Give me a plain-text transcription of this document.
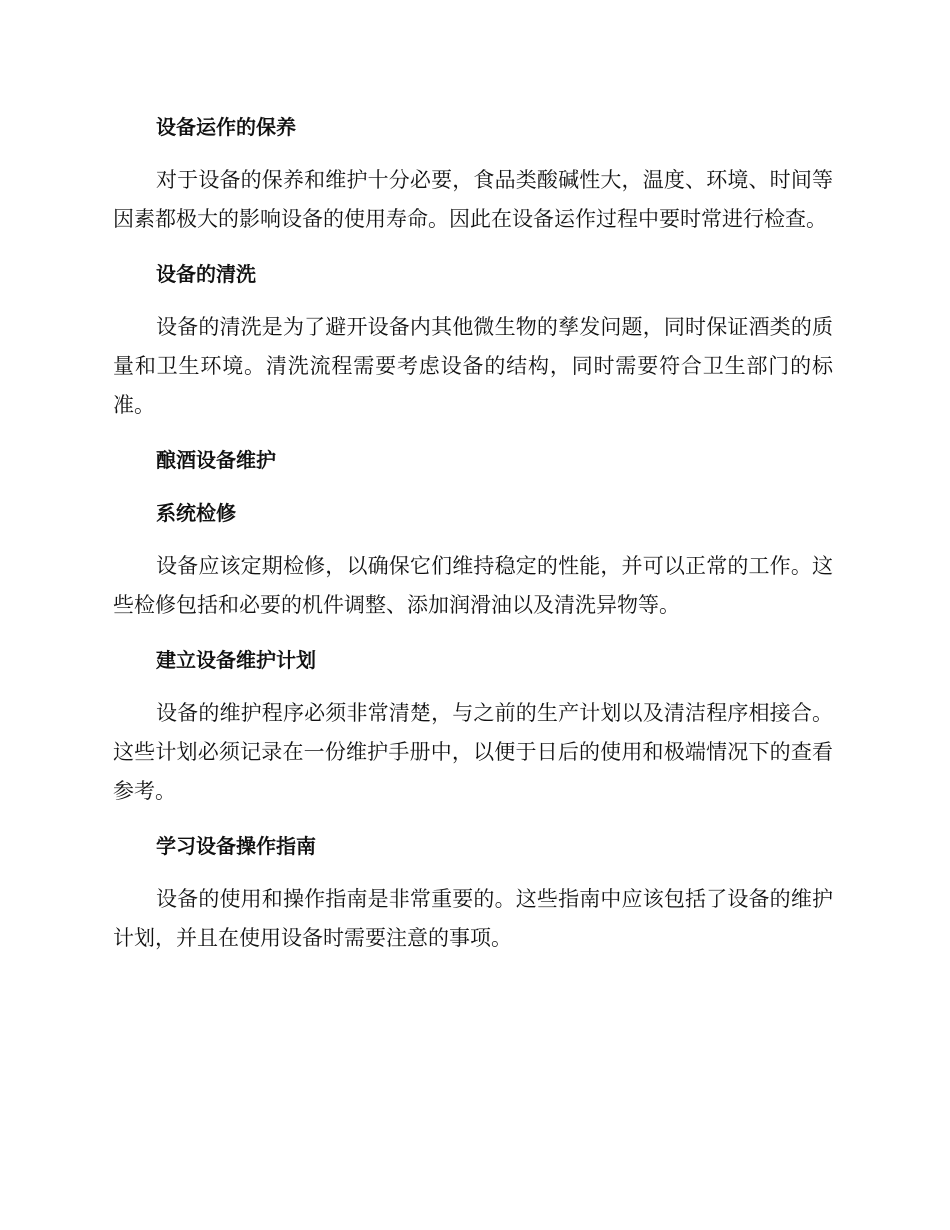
设备运作的保养

对于设备的保养和维护十分必要，食品类酸碱性大，温度、环境、时间等因素都极大的影响设备的使用寿命。因此在设备运作过程中要时常进行检查。

设备的清洗

设备的清洗是为了避开设备内其他微生物的孳发问题，同时保证酒类的质量和卫生环境。清洗流程需要考虑设备的结构，同时需要符合卫生部门的标准。

酿酒设备维护
系统检修

设备应该定期检修，以确保它们维持稳定的性能，并可以正常的工作。这些检修包括和必要的机件调整、添加润滑油以及清洗异物等。

建立设备维护计划

设备的维护程序必须非常清楚，与之前的生产计划以及清洁程序相接合。这些计划必须记录在一份维护手册中，以便于日后的使用和极端情况下的查看参考。

学习设备操作指南

设备的使用和操作指南是非常重要的。这些指南中应该包括了设备的维护计划，并且在使用设备时需要注意的事项。
